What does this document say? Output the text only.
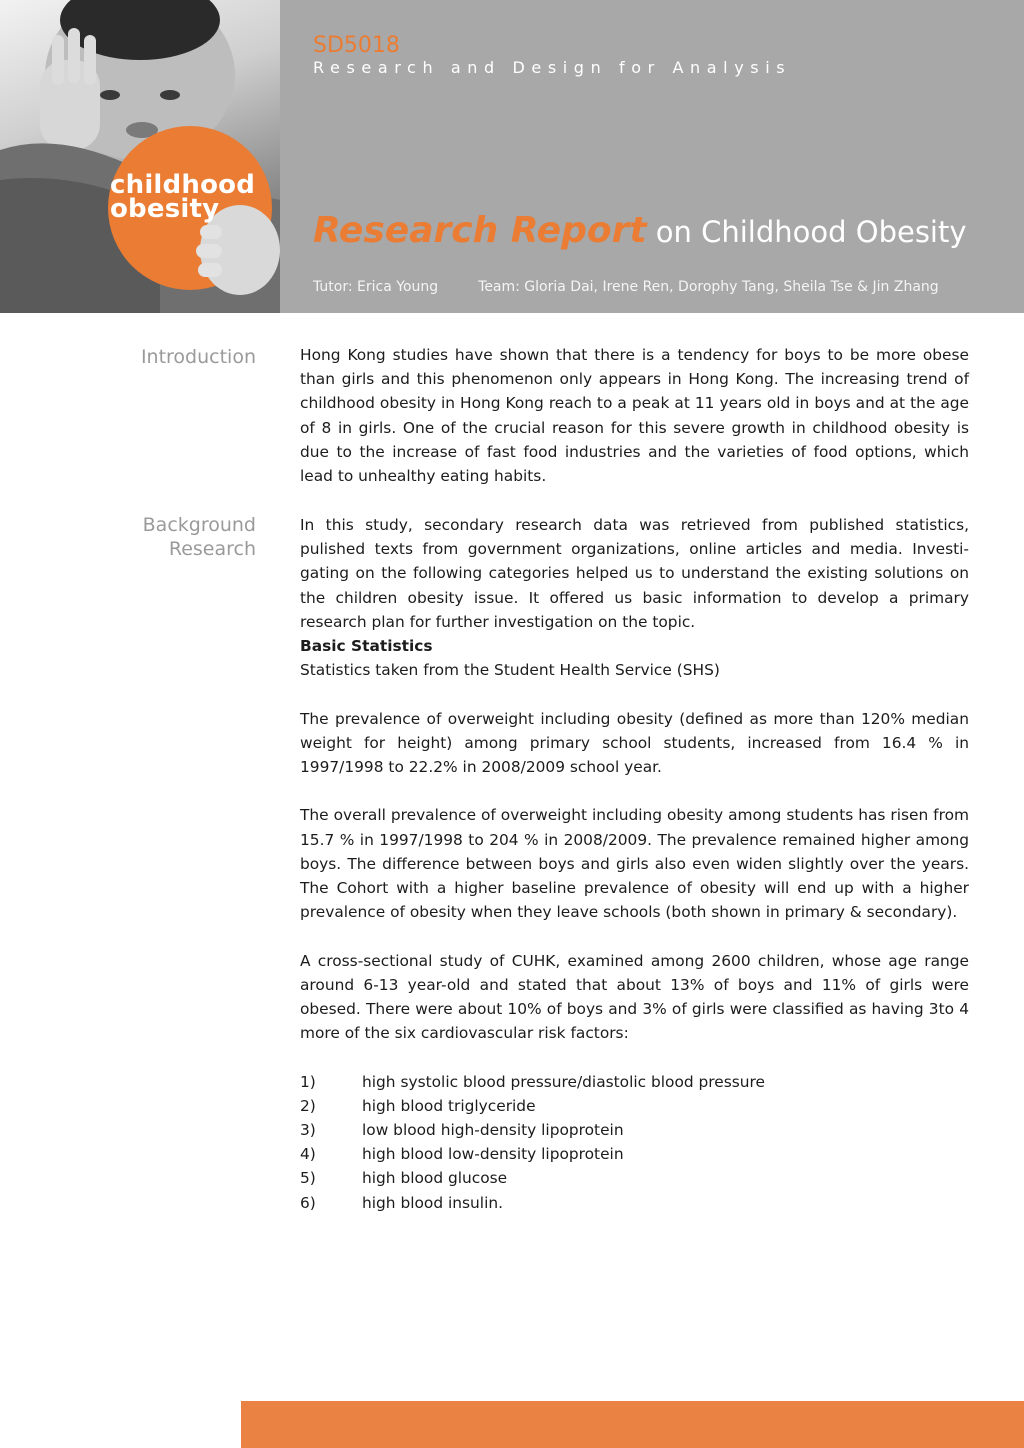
childhood
obesity
SD5018
Research and Design for Analysis
Research Report on Childhood Obesity
Tutor: Erica Young	Team: Gloria Dai, Irene Ren, Dorophy Tang, Sheila Tse & Jin Zhang
Introduction	Hong Kong studies have shown that there is a tendency for boys to be more obese than girls and this phenomenon only appears in Hong Kong. The increasing trend of childhood obesity in Hong Kong reach to a peak at 11 years old in boys and at the age of 8 in girls. One of the crucial reason for this severe growth in childhood obesity is due to the increase of fast food industries and the varieties of food options, which lead to unhealthy eating habits.

Background
Research

In this study, secondary research data was retrieved from published statistics, pulished texts from government organizations, online articles and media. Investi-gating on the following categories helped us to understand the existing solutions on the children obesity issue. It offered us basic information to develop a primary research plan for further investigation on the topic.

Basic Statistics

Statistics taken from the Student Health Service (SHS)

The prevalence of overweight including obesity (defined as more than 120% median weight for height) among primary school students, increased from 16.4 % in 1997/1998 to 22.2% in 2008/2009 school year.

The overall prevalence of overweight including obesity among students has risen from 15.7 % in 1997/1998 to 204 % in 2008/2009. The prevalence remained higher among boys. The difference between boys and girls also even widen slightly over the years. The Cohort with a higher baseline prevalence of obesity will end up with a higher prevalence of obesity when they leave schools (both shown in primary & secondary).

A cross-sectional study of CUHK, examined among 2600 children, whose age range around 6-13 year-old and stated that about 13% of boys and 11% of girls were obesed. There were about 10% of boys and 3% of girls were classified as having 3to 4 more of the six cardiovascular risk factors:

1)	high systolic blood pressure/diastolic blood pressure
2)	high blood triglyceride
3)	low blood high-density lipoprotein
4)	high blood low-density lipoprotein
5)	high blood glucose
6)	high blood insulin.
